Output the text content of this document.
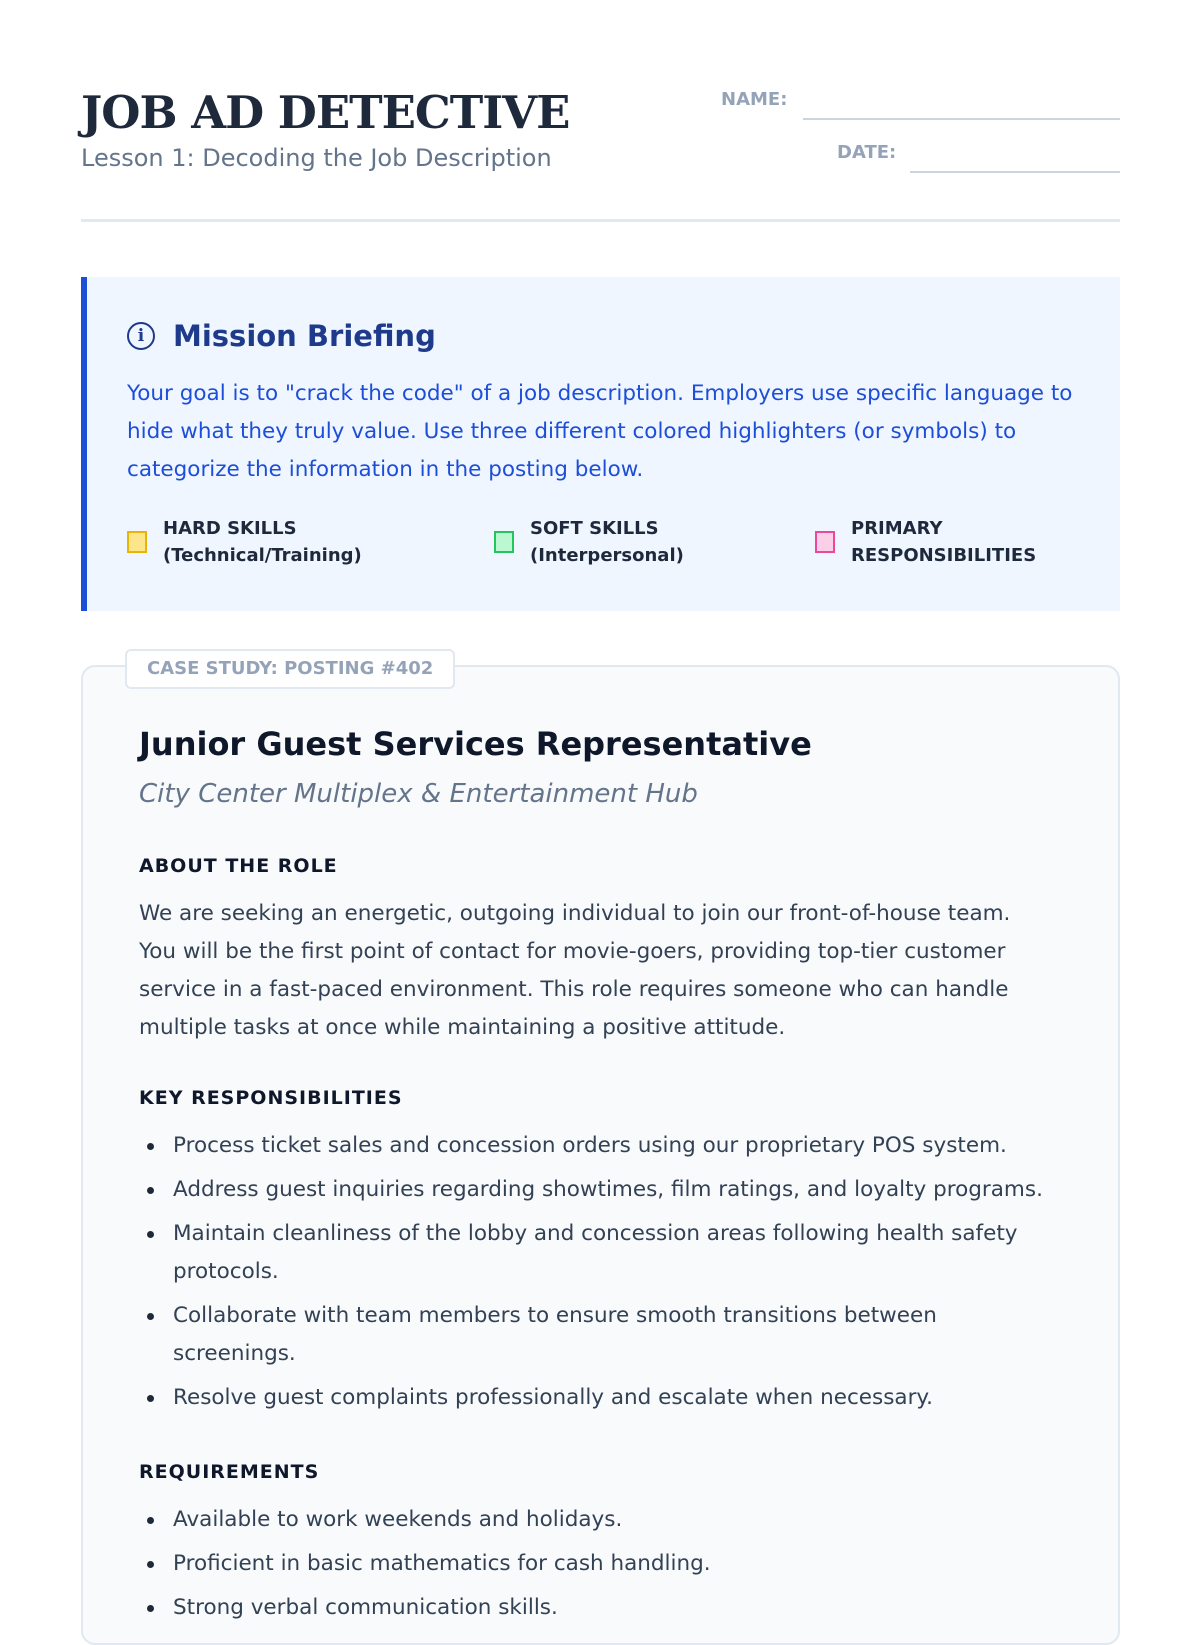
JOB AD DETECTIVE
Lesson 1: Decoding the Job Description
NAME:
DATE:
i Mission Briefing
Your goal is to "crack the code" of a job description. Employers use specific language to hide what they truly value. Use three different colored highlighters (or symbols) to categorize the information in the posting below.
HARD SKILLS
(Technical/Training)
SOFT SKILLS
(Interpersonal)
PRIMARY
RESPONSIBILITIES
CASE STUDY: POSTING #402
Junior Guest Services Representative
City Center Multiplex & Entertainment Hub
ABOUT THE ROLE
We are seeking an energetic, outgoing individual to join our front-of-house team. You will be the first point of contact for movie-goers, providing top-tier customer service in a fast-paced environment. This role requires someone who can handle multiple tasks at once while maintaining a positive attitude.
KEY RESPONSIBILITIES
Process ticket sales and concession orders using our proprietary POS system.
Address guest inquiries regarding showtimes, film ratings, and loyalty programs.
Maintain cleanliness of the lobby and concession areas following health safety protocols.
Collaborate with team members to ensure smooth transitions between screenings.
Resolve guest complaints professionally and escalate when necessary.
REQUIREMENTS
Available to work weekends and holidays.
Proficient in basic mathematics for cash handling.
Strong verbal communication skills.
